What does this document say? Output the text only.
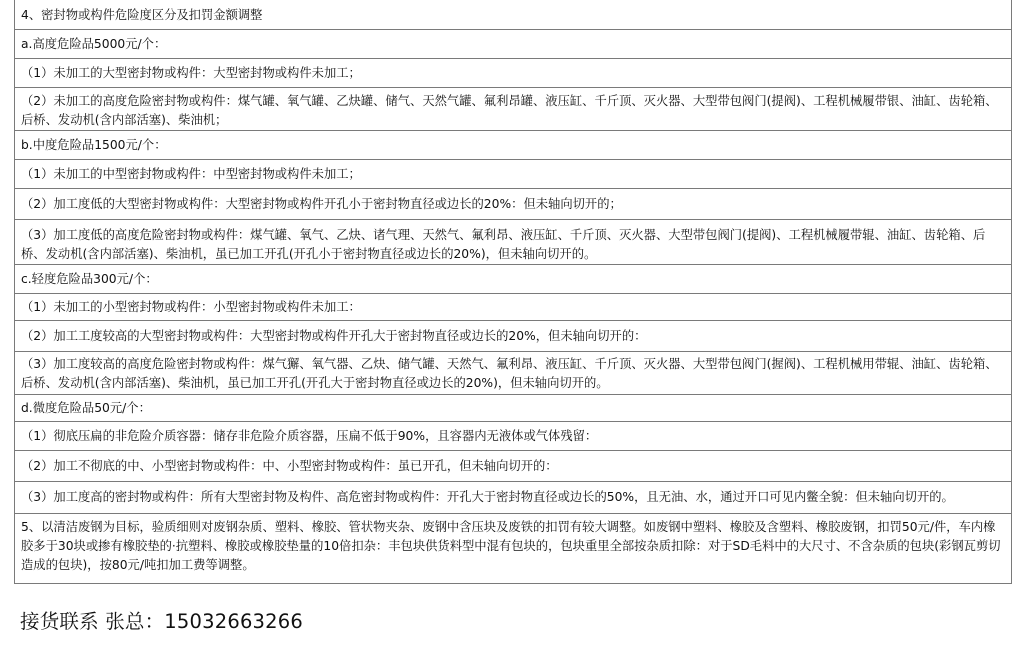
4、密封物或构件危险度区分及扣罚金额调整
a.高度危险品5000元/个：
（1）未加工的大型密封物或构件：大型密封物或构件未加工；
（2）未加工的高度危险密封物或构件：煤气罐、氧气罐、乙炔罐、储气、天然气罐、氟利昂罐、液压缸、千斤顶、灭火器、大型带包阀门(提阀)、工程机械履带银、油缸、齿轮箱、后桥、发动机(含内部活塞)、柴油机；
b.中度危险品1500元/个：
（1）未加工的中型密封物或构件：中型密封物或构件未加工；
（2）加工度低的大型密封物或构件：大型密封物或构件开孔小于密封物直径或边长的20%：但未轴向切开的；
（3）加工度低的高度危险密封物或构件：煤气罐、氧气、乙炔、诸气理、天然气、氟利昂、液压缸、千斤顶、灭火器、大型带包阀门(提阀)、工程机械履带辊、油缸、齿轮箱、后桥、发动机(含内部活塞)、柴油机，虽已加工开孔(开孔小于密封物直径或边长的20%)，但未轴向切开的。
c.轻度危险品300元/个：
（1）未加工的小型密封物或构件：小型密封物或构件未加工：
（2）加工工度较高的大型密封物或构件：大型密封物或构件开孔大于密封物直径或边长的20%，但未轴向切开的：
（3）加工度较高的高度危险密封物或构件：煤气獬、氧气器、乙炔、储气罐、天然气、氟利昂、液压缸、千斤顶、灭火器、大型带包阀门(握阀)、工程机械用带辊、油缸、齿轮箱、后桥、发动机(含内部活塞)、柴油机，虽已加工开孔(开孔大于密封物直径或边长的20%)，但未轴向切开的。
d.微度危险品50元/个：
（1）彻底压扁的非危险介质容器：储存非危险介质容器，压扁不低于90%，且容器内无液体或气体残留：
（2）加工不彻底的中、小型密封物或构件：中、小型密封物或构件：虽已开孔，但未轴向切开的：
（3）加工度高的密封物或构件：所有大型密封物及构件、高危密封物或构件：开孔大于密封物直径或边长的50%，且无油、水，通过开口可见内鳖全貌：但未轴向切开的。
5、以清洁废钢为目标，验质细则对废钢杂质、塑料、橡胶、管状物夹杂、废钢中含压块及废铁的扣罚有较大调整。如废钢中塑料、橡胶及含塑料、橡胶废钢，扣罚50元/件，车内橡胶多于30块或掺有橡胶垫的·抗塑料、橡胶或橡胶垫量的10倍扣杂：丰包块供货料型中混有包块的，包块重里全部按杂质扣除：对于SD毛料中的大尺寸、不含杂质的包块(彩钢瓦剪切造成的包块)，按80元/吨扣加工费等调整。
接货联系 张总：15032663266
